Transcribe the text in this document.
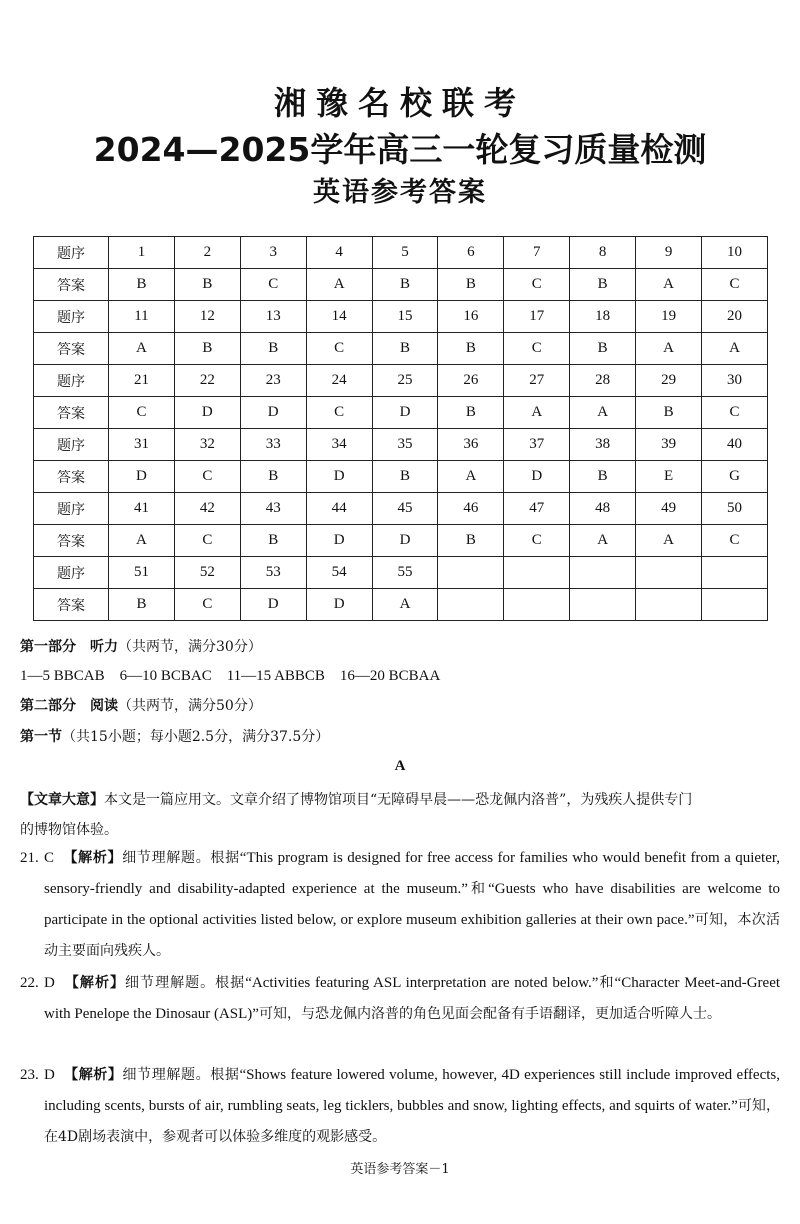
湘豫名校联考
2024—2025学年高三一轮复习质量检测
英语参考答案
题序	1	2	3	4	5	6	7	8	9	10
答案	B	B	C	A	B	B	C	B	A	C
题序	11	12	13	14	15	16	17	18	19	20
答案	A	B	B	C	B	B	C	B	A	A
题序	21	22	23	24	25	26	27	28	29	30
答案	C	D	D	C	D	B	A	A	B	C
题序	31	32	33	34	35	36	37	38	39	40
答案	D	C	B	D	B	A	D	B	E	G
题序	41	42	43	44	45	46	47	48	49	50
答案	A	C	B	D	D	B	C	A	A	C
题序	51	52	53	54	55					
答案	B	C	D	D	A					
第一部分　听力（共两节，满分30分）
1—5 BBCAB　6—10 BCBAC　11—15 ABBCB　16—20 BCBAA
第二部分　阅读（共两节，满分50分）
第一节（共15小题；每小题2.5分，满分37.5分）
A
【文章大意】本文是一篇应用文。文章介绍了博物馆项目“无障碍早晨——恐龙佩内洛普”，为残疾人提供专门
的博物馆体验。
21. C　 【解析】细节理解题。根据“This program is designed for free access for families who would benefit from a quieter, sensory-friendly and disability-adapted experience at the museum.”和“Guests who have disabilities are welcome to participate in the optional activities listed below, or explore museum exhibition galleries at their own pace.”可知，本次活动主要面向残疾人。
22. D　 【解析】细节理解题。根据“Activities featuring ASL interpretation are noted below.”和“Character Meet-and-Greet with Penelope the Dinosaur (ASL)”可知，与恐龙佩内洛普的角色见面会配备有手语翻译，更加适合听障人士。
23. D　 【解析】细节理解题。根据“Shows feature lowered volume, however, 4D experiences still include improved effects, including scents, bursts of air, rumbling seats, leg ticklers, bubbles and snow, lighting effects, and squirts of water.”可知，在4D剧场表演中，参观者可以体验多维度的观影感受。
英语参考答案－1
